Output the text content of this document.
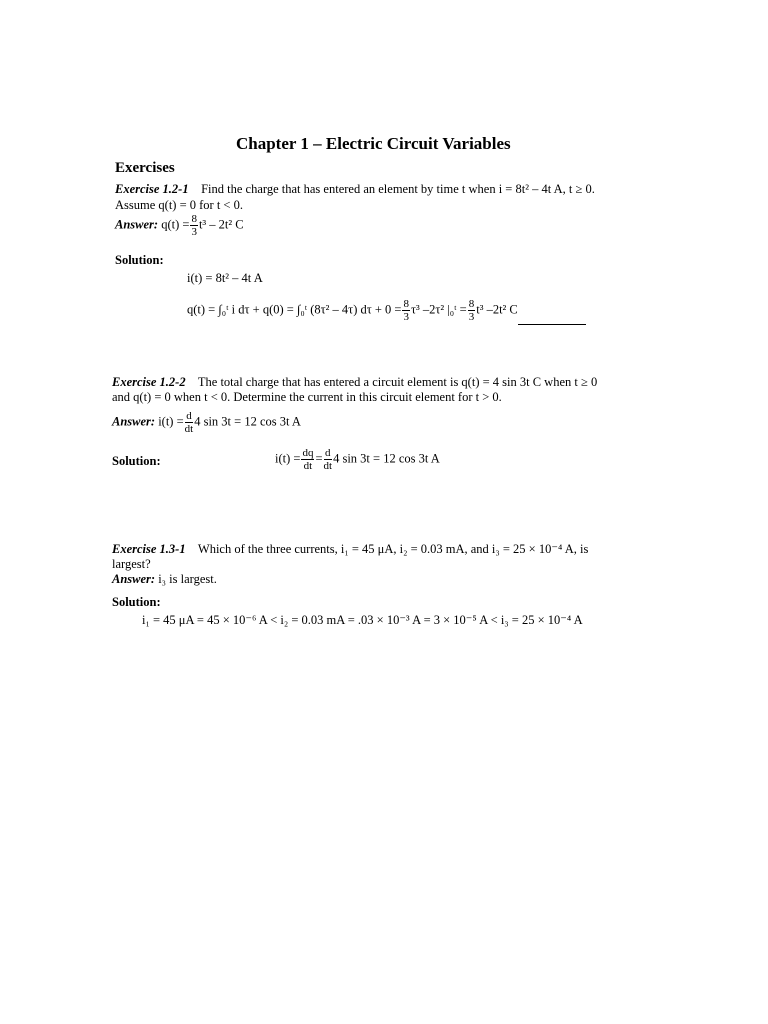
Chapter 1 – Electric Circuit Variables
Exercises
Exercise 1.2-1 Find the charge that has entered an element by time t when i = 8t² – 4t A, t ≥ 0.
Assume q(t) = 0 for t < 0.
Answer: $q(t) = \frac{8}{3} t^3 - 2t^2$ C
Solution:
i(t) = 8t² – 4t A
q(t) = ∫₀ᵗ i dτ + q(0) = ∫₀ᵗ (8τ² – 4τ) $d\tau + 0 = \frac{8}{3} \tau^3$ –2τ² |₀ᵗ = $\frac{8}{3} t^3$ –2t² C
Exercise 1.2-2 The total charge that has entered a circuit element is q(t) = 4 sin 3t C when t ≥ 0
and q(t) = 0 when t < 0. Determine the current in this circuit element for t > 0.
Answer: $i(t) = \frac{d}{dt} 4$ sin 3t = 12 cos 3t A
Solution:	$i(t) = \frac{dq}{dt} = \frac{d}{dt} 4$ sin 3t = 12 cos 3t A
Exercise 1.3-1 Which of the three currents, i₁ = 45 μA, i₂ = 0.03 mA, and i₃ = 25 × 10⁻⁴ A, is
largest?
Answer: i₃ is largest.
Solution:
i₁ = 45 μA = 45 × 10⁻⁶ A < i₂ = 0.03 mA = .03 × 10⁻³ A = 3 × 10⁻⁵ A < i₃ = 25 × 10⁻⁴ A
